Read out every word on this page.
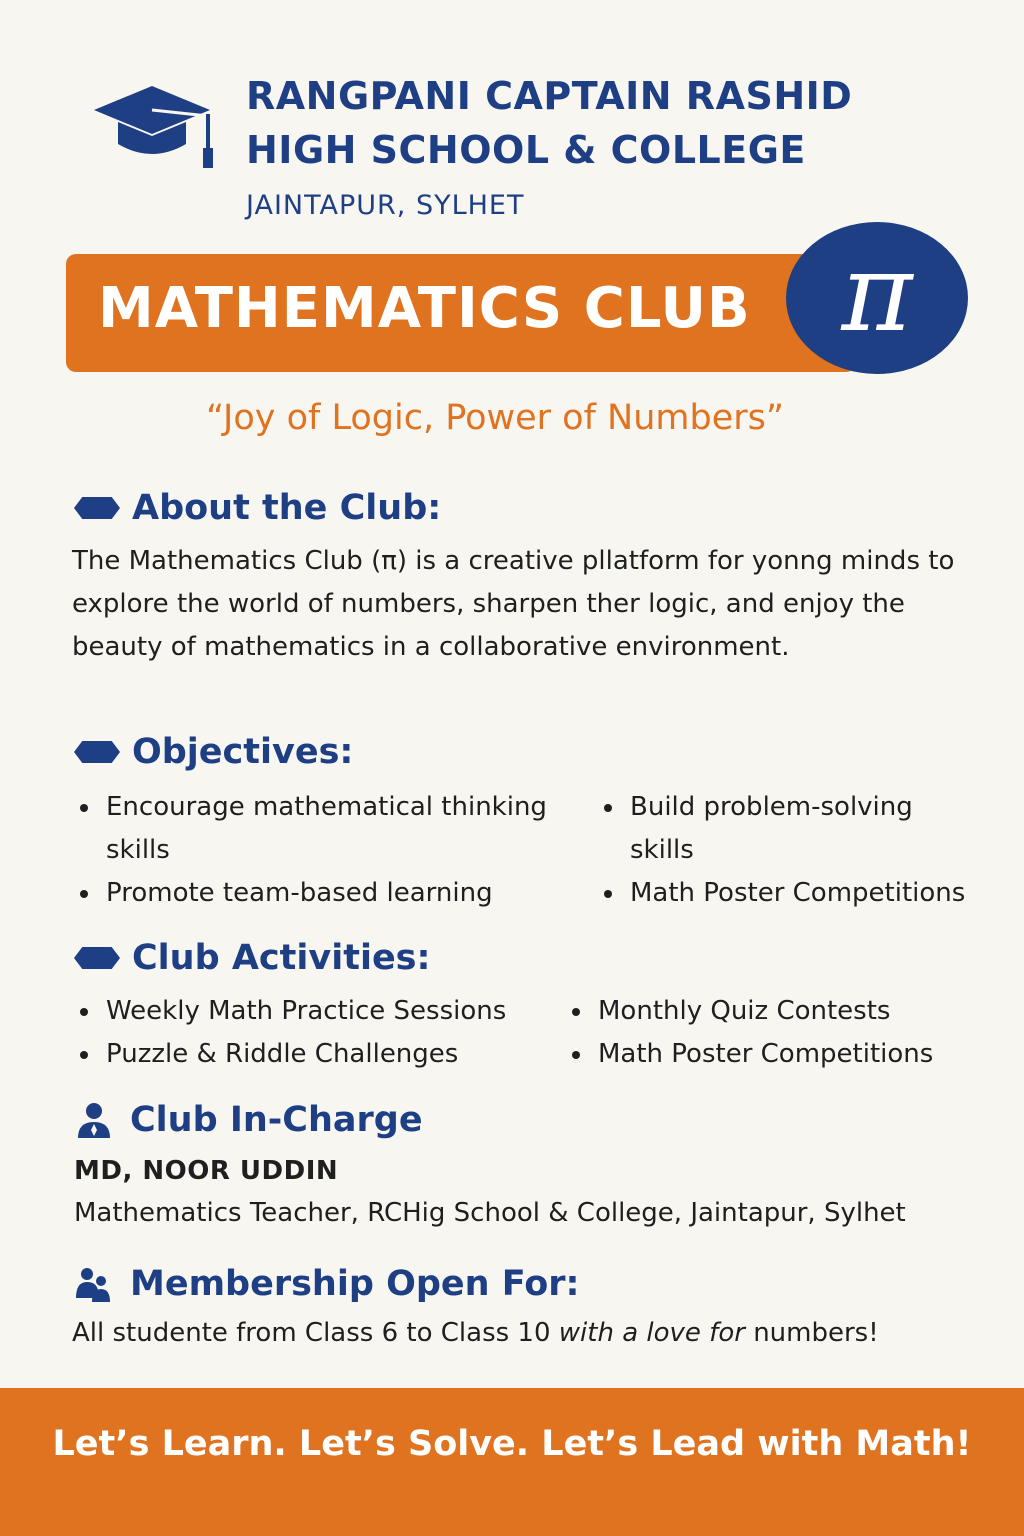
RANGPANI CAPTAIN RASHID
HIGH SCHOOL & COLLEGE

JAINTAPUR, SYLHET

MATHEMATICS CLUB π

“Joy of Logic, Power of Numbers”

About the Club:

The Mathematics Club (π) is a creative pllatform for yonng minds to explore the world of numbers, sharpen ther logic, and enjoy the beauty of mathematics in a collaborative environment.

Objectives:
Encourage mathematical thinking skills
Promote team-based learning
Build problem-solving skills
Math Poster Competitions
Club Activities:
Weekly Math Practice Sessions
Puzzle & Riddle Challenges
Monthly Quiz Contests
Math Poster Competitions
Club In-Charge

MD, NOOR UDDIN

Mathematics Teacher, RCHig School & College, Jaintapur, Sylhet

Membership Open For:

All studente from Class 6 to Class 10 with a love for numbers!

Let’s Learn. Let’s Solve. Let’s Lead with Math!
